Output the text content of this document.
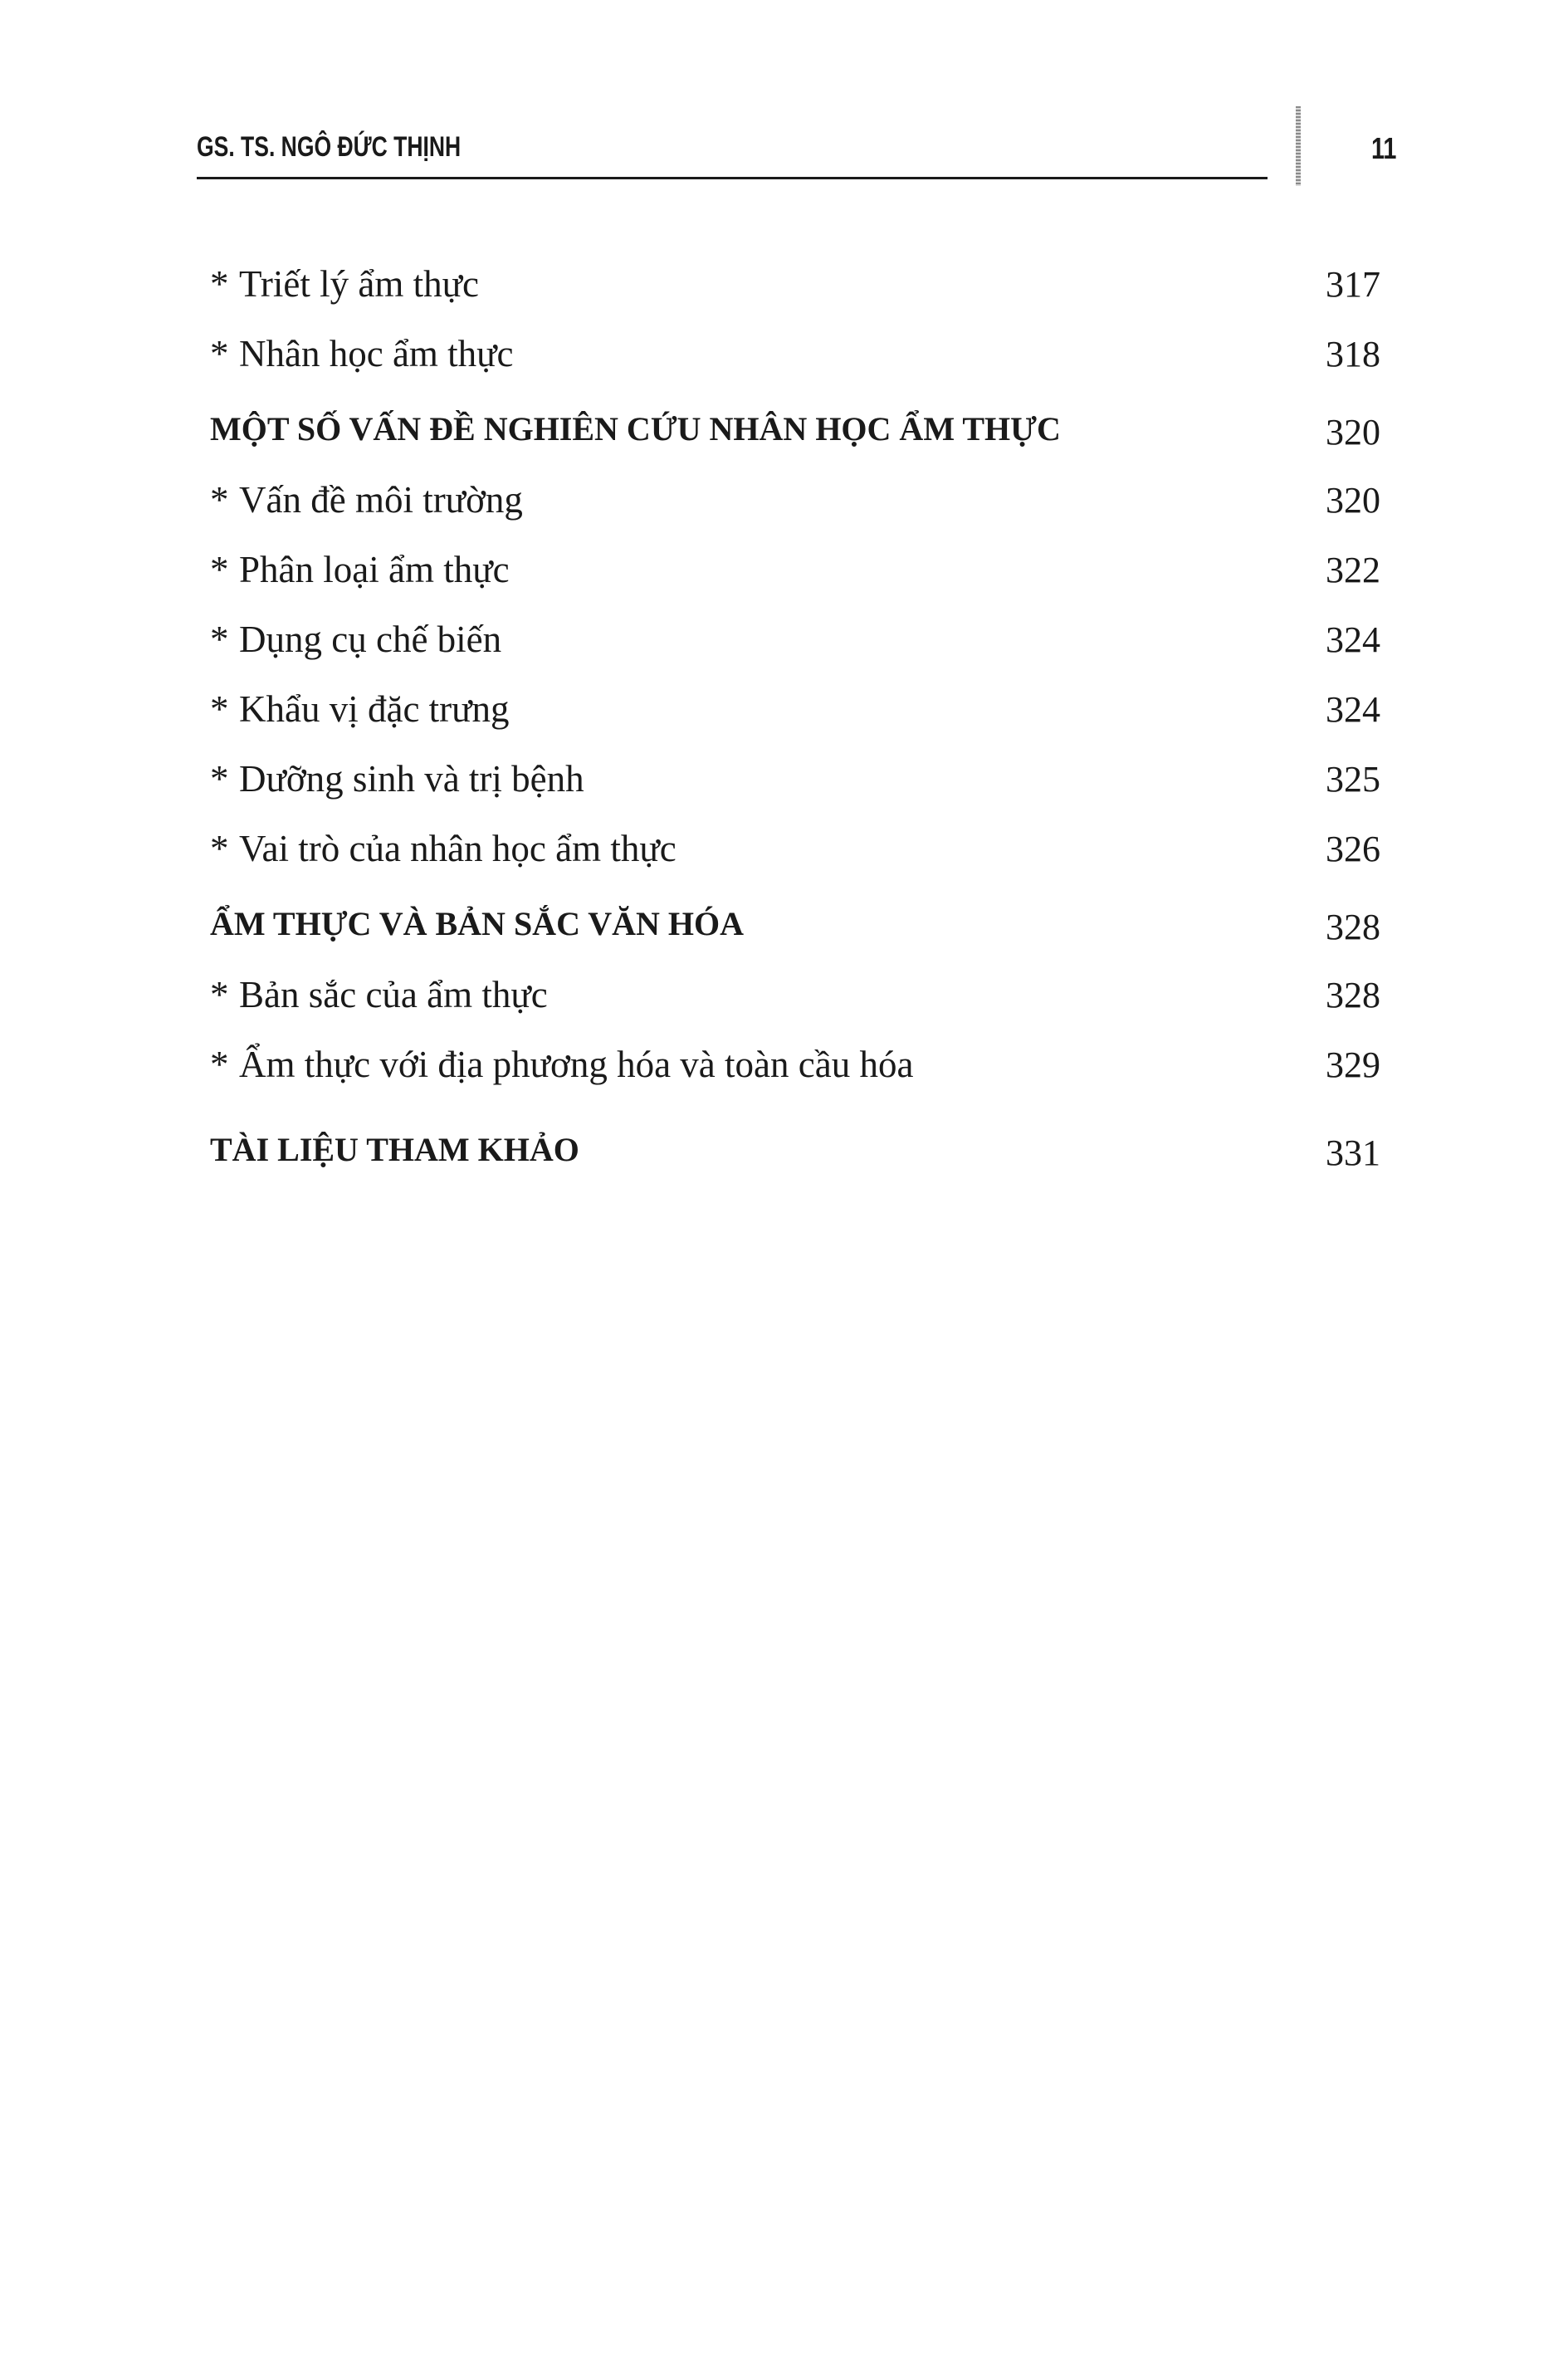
GS. TS. NGÔ ĐỨC THỊNH	11
* Triết lý ẩm thực	317
* Nhân học ẩm thực	318
MỘT SỐ VẤN ĐỀ NGHIÊN CỨU NHÂN HỌC ẨM THỰC	320
* Vấn đề môi trường	320
* Phân loại ẩm thực	322
* Dụng cụ chế biến	324
* Khẩu vị đặc trưng	324
* Dưỡng sinh và trị bệnh	325
* Vai trò của nhân học ẩm thực	326
ẨM THỰC VÀ BẢN SẮC VĂN HÓA	328
* Bản sắc của ẩm thực	328
* Ẩm thực với địa phương hóa và toàn cầu hóa	329
TÀI LIỆU THAM KHẢO	331
